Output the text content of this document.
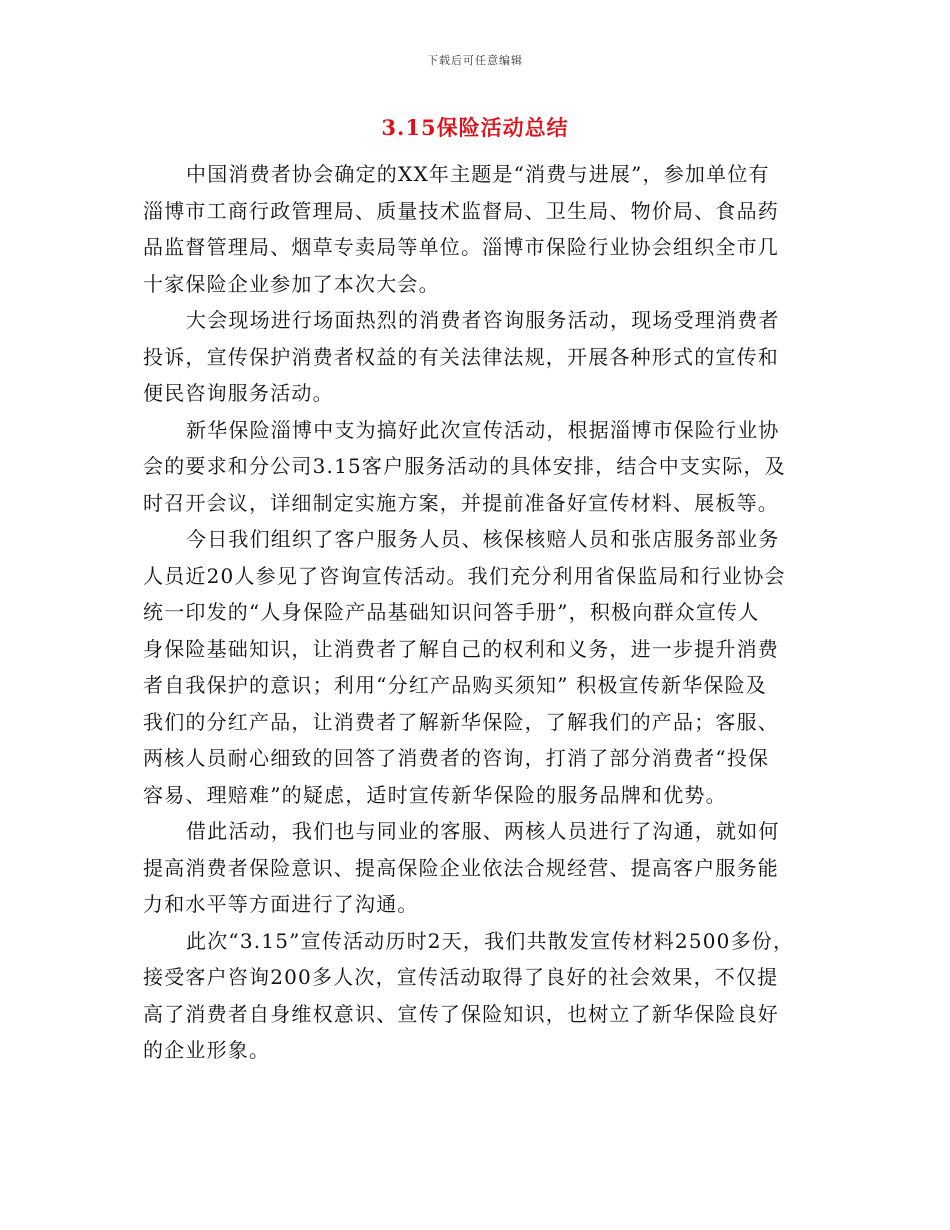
下载后可任意编辑
3.15保险活动总结
中国消费者协会确定的XX年主题是“消费与进展”，参加单位有
淄博市工商行政管理局、质量技术监督局、卫生局、物价局、食品药
品监督管理局、烟草专卖局等单位。淄博市保险行业协会组织全市几
十家保险企业参加了本次大会。
大会现场进行场面热烈的消费者咨询服务活动，现场受理消费者
投诉，宣传保护消费者权益的有关法律法规，开展各种形式的宣传和
便民咨询服务活动。
新华保险淄博中支为搞好此次宣传活动，根据淄博市保险行业协
会的要求和分公司3.15客户服务活动的具体安排，结合中支实际，及
时召开会议，详细制定实施方案，并提前准备好宣传材料、展板等。
今日我们组织了客户服务人员、核保核赔人员和张店服务部业务
人员近20人参见了咨询宣传活动。我们充分利用省保监局和行业协会
统一印发的“人身保险产品基础知识问答手册”，积极向群众宣传人
身保险基础知识，让消费者了解自己的权利和义务，进一步提升消费
者自我保护的意识；利用“分红产品购买须知” 积极宣传新华保险及
我们的分红产品，让消费者了解新华保险，了解我们的产品；客服、
两核人员耐心细致的回答了消费者的咨询，打消了部分消费者“投保
容易、理赔难”的疑虑，适时宣传新华保险的服务品牌和优势。
借此活动，我们也与同业的客服、两核人员进行了沟通，就如何
提高消费者保险意识、提高保险企业依法合规经营、提高客户服务能
力和水平等方面进行了沟通。
此次“3.15”宣传活动历时2天，我们共散发宣传材料2500多份，
接受客户咨询200多人次，宣传活动取得了良好的社会效果，不仅提
高了消费者自身维权意识、宣传了保险知识，也树立了新华保险良好
的企业形象。
